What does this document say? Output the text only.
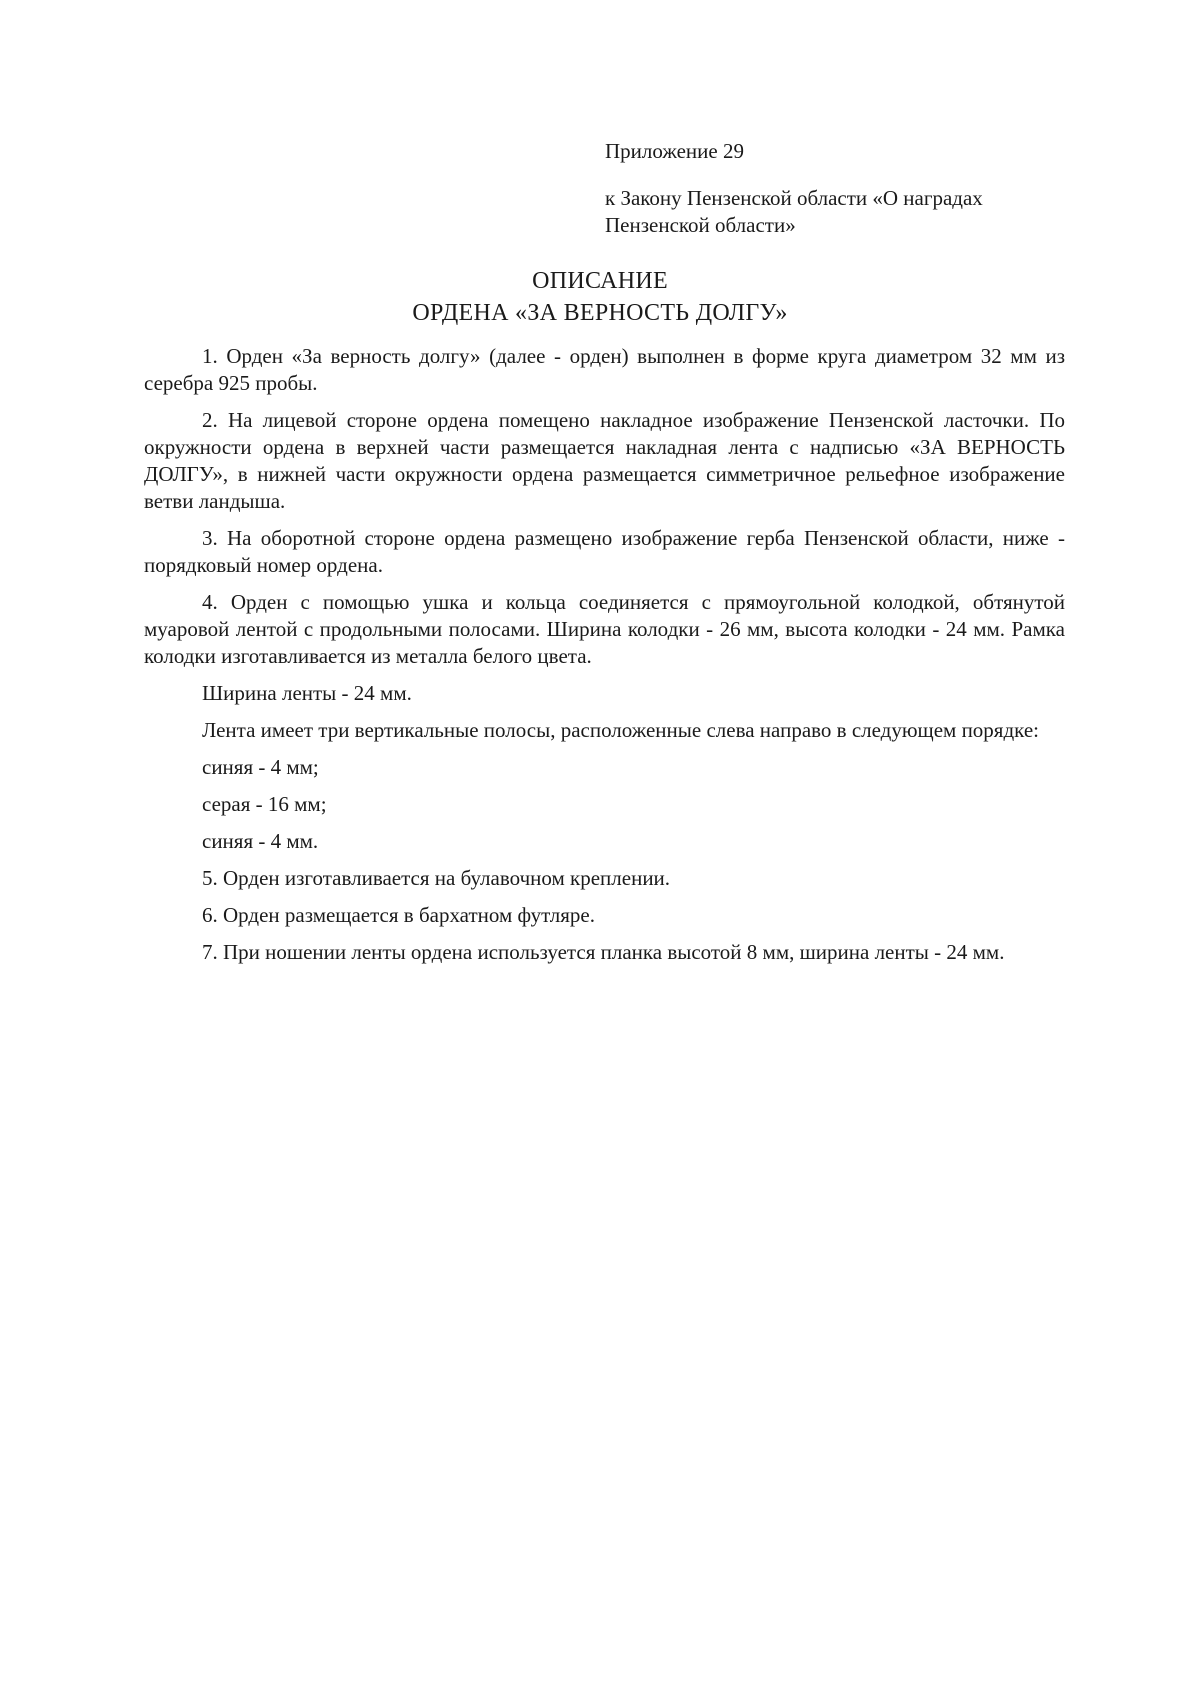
Приложение 29
к Закону Пензенской области «О наградах
Пензенской области»
ОПИСАНИЕ
ОРДЕНА «ЗА ВЕРНОСТЬ ДОЛГУ»

1. Орден «За верность долгу» (далее - орден) выполнен в форме круга диаметром 32 мм из серебра 925 пробы.

2. На лицевой стороне ордена помещено накладное изображение Пензенской ласточки. По окружности ордена в верхней части размещается накладная лента с надписью «ЗА ВЕРНОСТЬ ДОЛГУ», в нижней части окружности ордена размещается симметричное рельефное изображение ветви ландыша.

3. На оборотной стороне ордена размещено изображение герба Пензенской области, ниже - порядковый номер ордена.

4. Орден с помощью ушка и кольца соединяется с прямоугольной колодкой, обтянутой муаровой лентой с продольными полосами. Ширина колодки - 26 мм, высота колодки - 24 мм. Рамка колодки изготавливается из металла белого цвета.

Ширина ленты - 24 мм.

Лента имеет три вертикальные полосы, расположенные слева направо в следующем порядке:

синяя - 4 мм;

серая - 16 мм;

синяя - 4 мм.

5. Орден изготавливается на булавочном креплении.

6. Орден размещается в бархатном футляре.

7. При ношении ленты ордена используется планка высотой 8 мм, ширина ленты - 24 мм.
